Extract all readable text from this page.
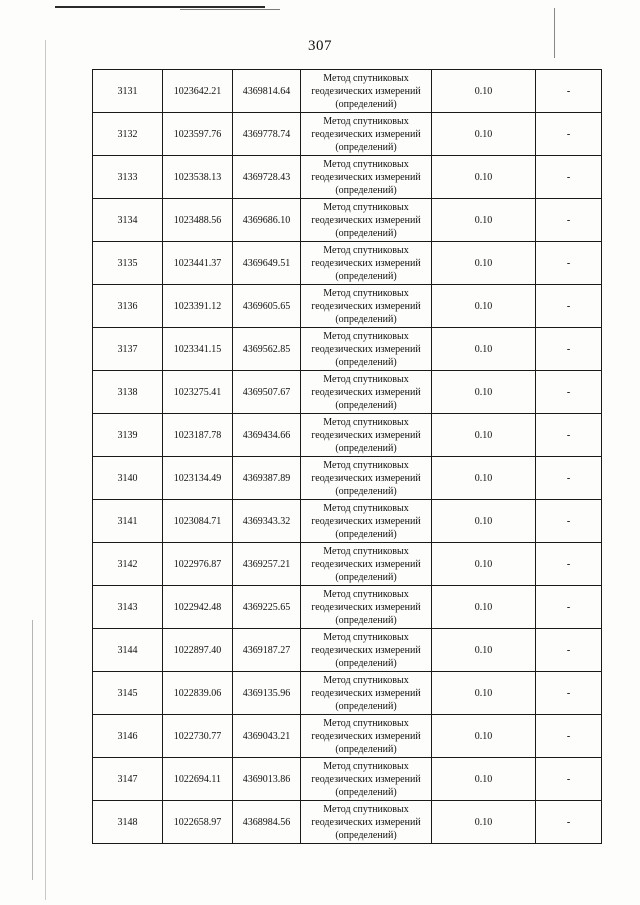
307
3131	1023642.21	4369814.64	Метод спутниковых
геодезических измерений
(определений)	0.10	-
3132	1023597.76	4369778.74	Метод спутниковых
геодезических измерений
(определений)	0.10	-
3133	1023538.13	4369728.43	Метод спутниковых
геодезических измерений
(определений)	0.10	-
3134	1023488.56	4369686.10	Метод спутниковых
геодезических измерений
(определений)	0.10	-
3135	1023441.37	4369649.51	Метод спутниковых
геодезических измерений
(определений)	0.10	-
3136	1023391.12	4369605.65	Метод спутниковых
геодезических измерений
(определений)	0.10	-
3137	1023341.15	4369562.85	Метод спутниковых
геодезических измерений
(определений)	0.10	-
3138	1023275.41	4369507.67	Метод спутниковых
геодезических измерений
(определений)	0.10	-
3139	1023187.78	4369434.66	Метод спутниковых
геодезических измерений
(определений)	0.10	-
3140	1023134.49	4369387.89	Метод спутниковых
геодезических измерений
(определений)	0.10	-
3141	1023084.71	4369343.32	Метод спутниковых
геодезических измерений
(определений)	0.10	-
3142	1022976.87	4369257.21	Метод спутниковых
геодезических измерений
(определений)	0.10	-
3143	1022942.48	4369225.65	Метод спутниковых
геодезических измерений
(определений)	0.10	-
3144	1022897.40	4369187.27	Метод спутниковых
геодезических измерений
(определений)	0.10	-
3145	1022839.06	4369135.96	Метод спутниковых
геодезических измерений
(определений)	0.10	-
3146	1022730.77	4369043.21	Метод спутниковых
геодезических измерений
(определений)	0.10	-
3147	1022694.11	4369013.86	Метод спутниковых
геодезических измерений
(определений)	0.10	-
3148	1022658.97	4368984.56	Метод спутниковых
геодезических измерений
(определений)	0.10	-
